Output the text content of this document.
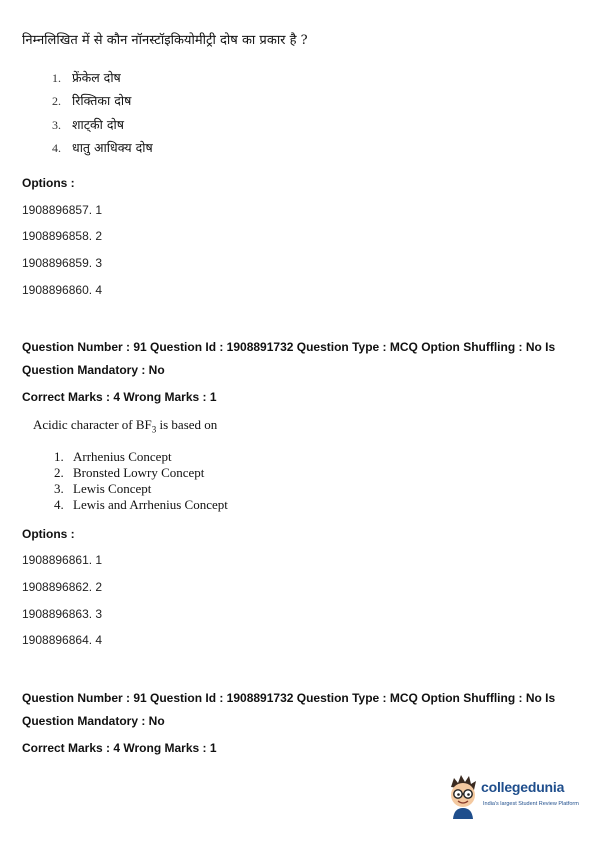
निम्नलिखित में से कौन नॉनस्टॉइकियोमीट्री दोष का प्रकार है ?
1. फ्रेंकेल दोष
2. रिक्तिका दोष
3. शाट्की दोष
4. धातु आधिक्य दोष
Options :
1908896857. 1
1908896858. 2
1908896859. 3
1908896860. 4
Question Number : 91 Question Id : 1908891732 Question Type : MCQ Option Shuffling : No Is
Question Mandatory : No
Correct Marks : 4 Wrong Marks : 1
Acidic character of $BF_3$ is based on
1. Arrhenius Concept
2. Bronsted Lowry Concept
3. Lewis Concept
4. Lewis and Arrhenius Concept
Options :
1908896861. 1
1908896862. 2
1908896863. 3
1908896864. 4
Question Number : 91 Question Id : 1908891732 Question Type : MCQ Option Shuffling : No Is
Question Mandatory : No
Correct Marks : 4 Wrong Marks : 1
collegedunia
India's largest Student Review Platform
